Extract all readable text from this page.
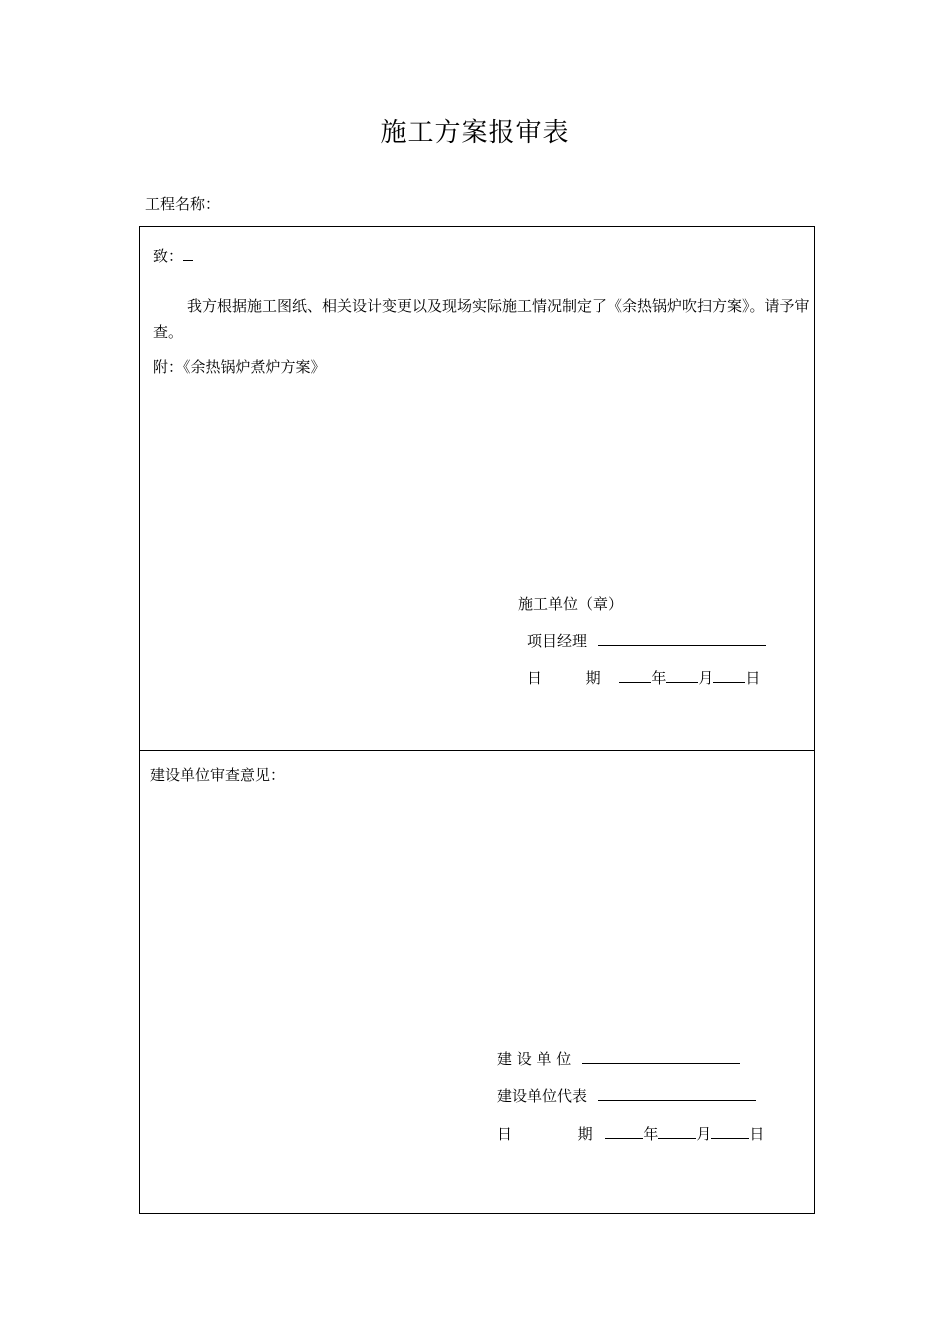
施工方案报审表
工程名称：
致：
我方根据施工图纸、相关设计变更以及现场实际施工情况制定了《余热锅炉吹扫方案》。请予审查。
附：《余热锅炉煮炉方案》
施工单位（章）
项目经理
日	期	年 月 日
建设单位审查意见：
建 设 单 位
建设单位代表
日	期	年	月	日
